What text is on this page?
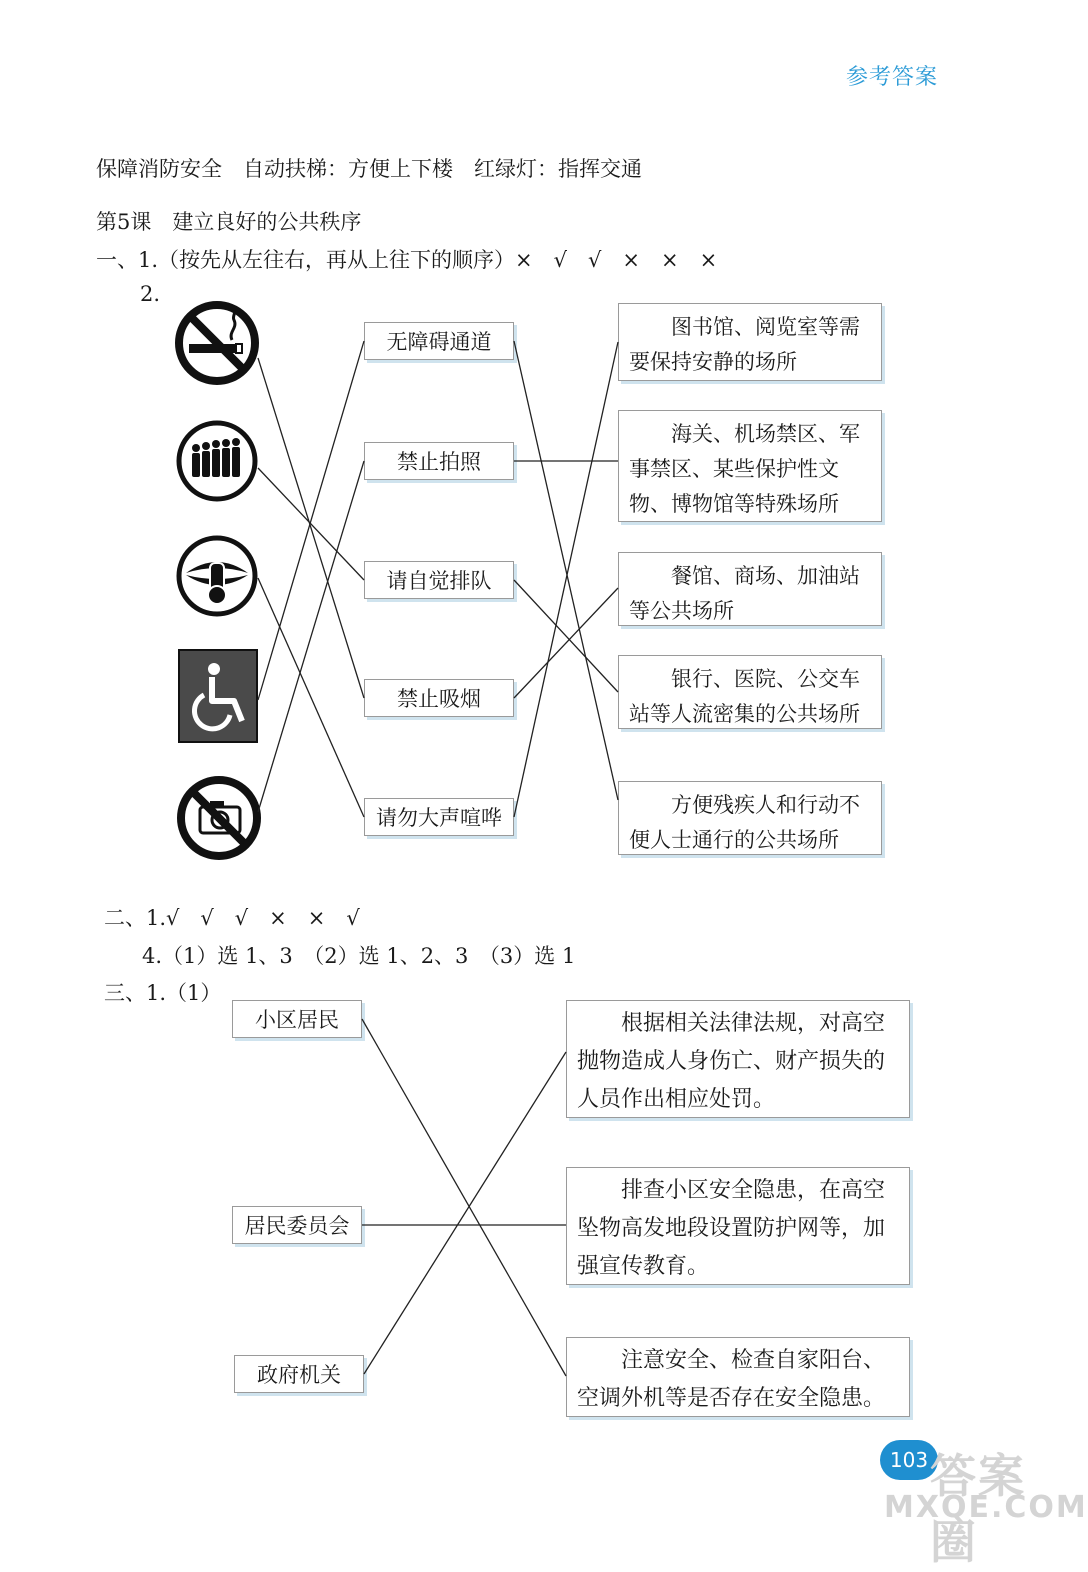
参考答案
保障消防安全　自动扶梯：方便上下楼　红绿灯：指挥交通
第5课　建立良好的公共秩序
一、1.（按先从左往右，再从上往下的顺序）×　√　√　×　×　×
2.
无障碍通道
禁止拍照
请自觉排队
禁止吸烟
请勿大声喧哗
图书馆、阅览室等需要保持安静的场所
海关、机场禁区、军事禁区、某些保护性文物、博物馆等特殊场所
餐馆、商场、加油站等公共场所
银行、医院、公交车站等人流密集的公共场所
方便残疾人和行动不便人士通行的公共场所
二、1.√　√　√　×　×　√
4.（1）选 1、3　（2）选 1、2、3　（3）选 1
三、1.（1）
小区居民
居民委员会
政府机关
根据相关法律法规，对高空抛物造成人身伤亡、财产损失的人员作出相应处罚。
排查小区安全隐患，在高空坠物高发地段设置防护网等，加强宣传教育。
注意安全、检查自家阳台、空调外机等是否存在安全隐患。
103 答案圈
MXQE.COM
